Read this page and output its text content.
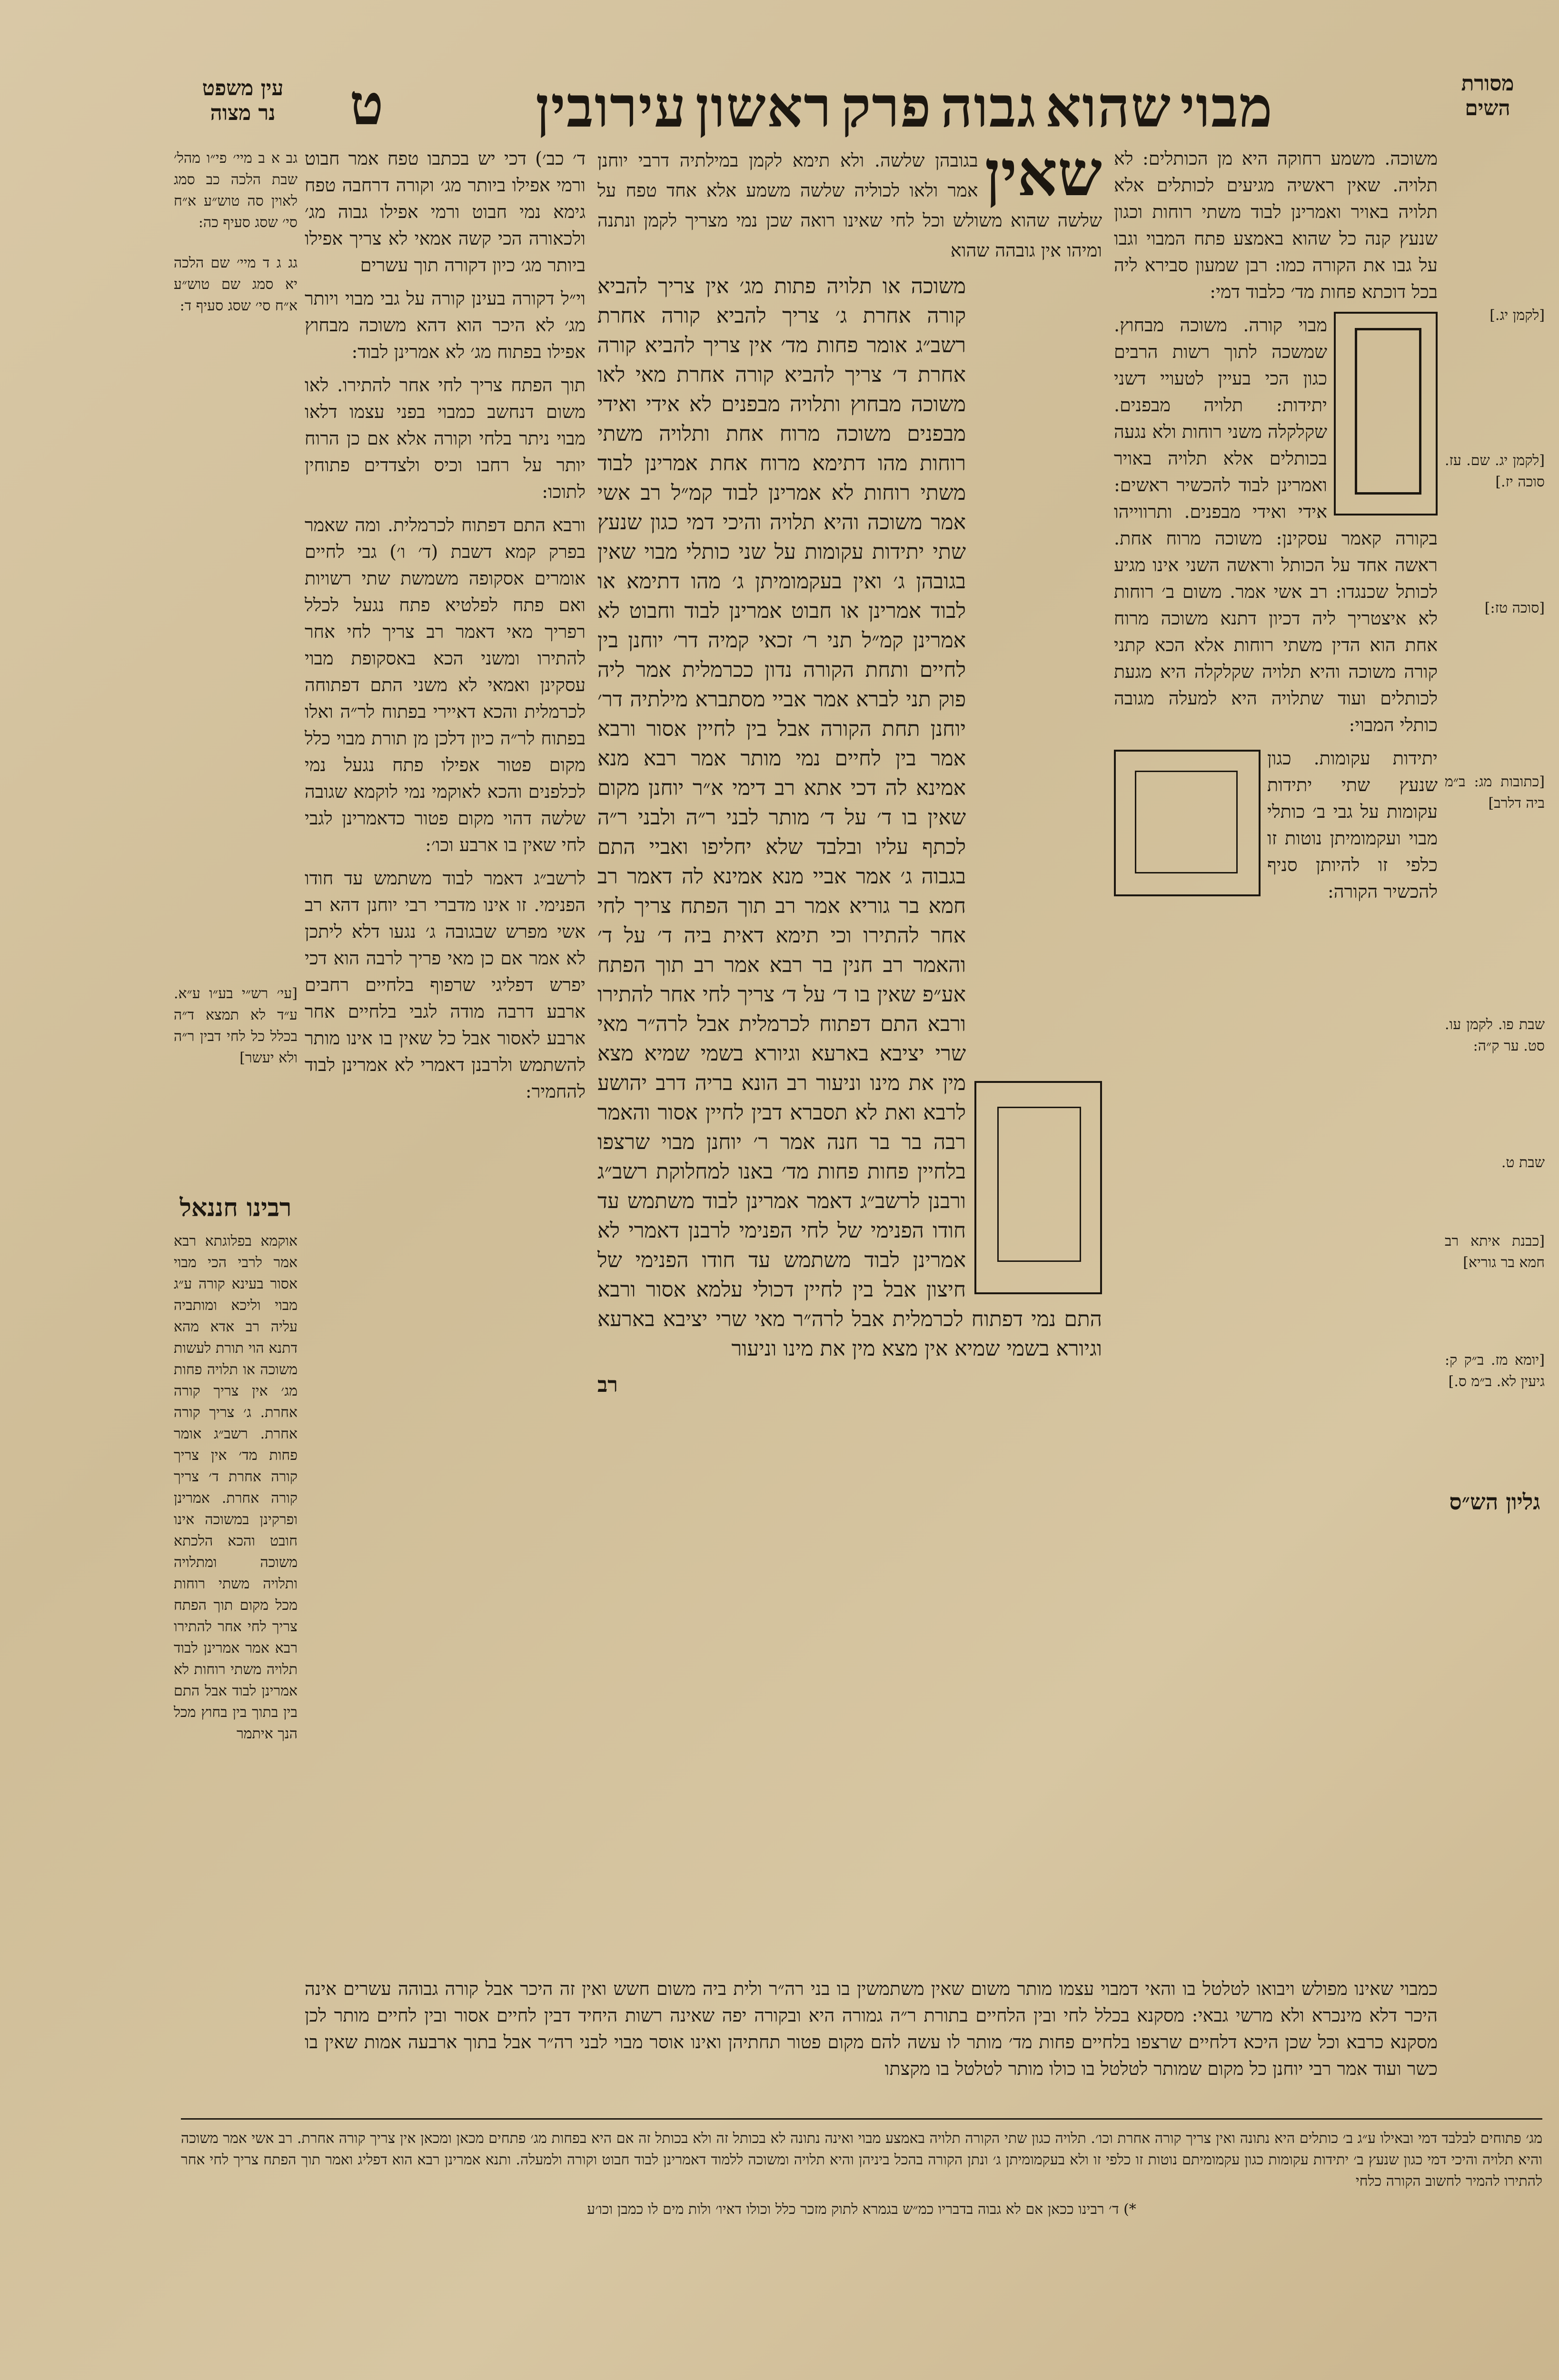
מסורת
השים
מבוי
שהוא
גבוה
פרק
ראשון
עירובין
ט
עין משפט
נר מצוה

[לקמן יג.]

[לקמן יג. שם. עז. סוכה יז.]

[סוכה טז:]

[כתובות מג: ב״מ ביה דלרב]

שבת פו. לקמן עו. סט. ער ק״ה:

שבת ט.

[כבנת איתא רב חמא בר גוריא]

[יומא מז. ב״ק ק: גיעין לא. ב״מ ס.]

גליון הש״ס

משוכה. משמע רחוקה היא מן הכותלים: לא תלויה. שאין ראשיה מגיעים לכותלים אלא תלויה באויר ואמרינן לבוד משתי רוחות וכגון שנעץ קנה כל שהוא באמצע פתח המבוי וגבו על גבו את הקורה כמו: רבן שמעון סבירא ליה בכל דוכתא פחות מד׳ כלבוד דמי:

מבוי קורה. משוכה מבחוץ. שמשכה לתוך רשות הרבים כגון הכי בעיין לטעויי דשני יתידות: תלויה מבפנים. שקלקלה משני רוחות ולא נגעה בכותלים אלא תלויה באויר ואמרינן לבוד להכשיר ראשים: אידי ואידי מבפנים. ותרווייהו בקורה קאמר עסקינן: משוכה מרוח אחת. ראשה אחד על הכותל וראשה השני אינו מגיע לכותל שכנגדו: רב אשי אמר. משום ב׳ רוחות לא איצטריך ליה דכיון דתנא משוכה מרוח אחת הוא הדין משתי רוחות אלא הכא קתני קורה משוכה והיא תלויה שקלקלה היא מגעת לכותלים ועוד שתלויה היא למעלה מגובה כותלי המבוי:

יתידות עקומות. כגון שנעץ שתי יתידות עקומות על גבי ב׳ כותלי מבוי ועקמומיתן נוטות זו כלפי זו להיותן סניף להכשיר הקורה:

שאין
בגובהן שלשה. ולא תימא לקמן במילתיה דרבי יוחנן אמר ולאו לכוליה שלשה משמע אלא אחד טפח על שלשה שהוא משולש וכל לחי שאינו רואה שכן נמי מצריך לקמן ונתנה ומיהו אין גובהה שהוא

משוכה או תלויה פתות מג׳ אין צריך להביא קורה אחרת ג׳ צריך להביא קורה אחרת רשב״ג אומר פחות מד׳ אין צריך להביא קורה אחרת ד׳ צריך להביא קורה אחרת מאי לאו משוכה מבחוץ ותלויה מבפנים לא אידי ואידי מבפנים משוכה מרוח אחת ותלויה משתי רוחות מהו דתימא מרוח אחת אמרינן לבוד משתי רוחות לא אמרינן לבוד קמ״ל רב אשי אמר משוכה והיא תלויה והיכי דמי כגון שנעץ שתי יתידות עקומות על שני כותלי מבוי שאין בגובהן ג׳ ואין בעקמומיתן ג׳ מהו דתימא או לבוד אמרינן או חבוט אמרינן לבוד וחבוט לא אמרינן קמ״ל תני ר׳ זכאי קמיה דר׳ יוחנן בין לחיים ותחת הקורה נדון ככרמלית אמר ליה פוק תני לברא אמר אביי מסתברא מילתיה דר׳ יוחנן תחת הקורה אבל בין לחיין אסור ורבא אמר בין לחיים נמי מותר אמר רבא מנא אמינא לה דכי אתא רב דימי א״ר יוחנן מקום שאין בו ד׳ על ד׳ מותר לבני ר״ה ולבני ר״ה לכתף עליו ובלבד שלא יחליפו ואביי התם בגבוה ג׳ אמר אביי מנא אמינא לה דאמר רב חמא בר גוריא אמר רב תוך הפתח צריך לחי אחר להתירו וכי תימא דאית ביה ד׳ על ד׳ והאמר רב חנין בר רבא אמר רב תוך הפתח אע״פ שאין בו ד׳ על ד׳ צריך לחי אחר להתירו ורבא התם דפתוח לכרמלית אבל לרה״ר מאי שרי יציבא בארעא וגיורא בשמי שמיא מצא מין את מינו וניעור רב הונא בריה דרב יהושע לרבא ואת לא תסברא דבין לחיין אסור והאמר רבה בר בר חנה אמר ר׳ יוחנן מבוי שרצפו בלחיין פחות פחות מד׳ באנו למחלוקת רשב״ג ורבנן לרשב״ג דאמר אמרינן לבוד משתמש עד חודו הפנימי של לחי הפנימי לרבנן דאמרי לא אמרינן לבוד משתמש עד חודו הפנימי של חיצון אבל בין לחיין דכולי עלמא אסור ורבא התם נמי דפתוח לכרמלית אבל לרה״ר מאי שרי יציבא בארעא וגיורא בשמי שמיא אין מצא מין את מינו וניעור

רב

ד׳ כב׳) דכי יש בכתבו טפח אמר חבוט ורמי אפילו ביותר מג׳ וקורה דרחבה טפח גימא נמי חבוט ורמי אפילו גבוה מג׳ ולכאורה הכי קשה אמאי לא צריך אפילו ביותר מג׳ כיון דקורה תוך עשרים

וי״ל דקורה בעינן קורה על גבי מבוי ויותר מג׳ לא היכר הוא דהא משוכה מבחוץ אפילו בפתוח מג׳ לא אמרינן לבוד:

תוך הפתח צריך לחי אחר להתירו. לאו משום דנחשב כמבוי בפני עצמו דלאו מבוי ניתר בלחי וקורה אלא אם כן הרוח יותר על רחבו וכיס ולצדדים פתוחין לתוכו:

ורבא התם דפתוח לכרמלית. ומה שאמר בפרק קמא דשבת (ד׳ ו׳) גבי לחיים אומרים אסקופה משמשת שתי רשויות ואם פתח לפלטיא פתח נגעל לכלל רפריך מאי דאמר רב צריך לחי אחר להתירו ומשני הכא באסקופת מבוי עסקינן ואמאי לא משני התם דפתוחה לכרמלית והכא דאיירי בפתוח לר״ה ואלו בפתוח לר״ה כיון דלכן מן תורת מבוי כלל מקום פטור אפילו פתח נגעל נמי לכלפנים והכא לאוקמי נמי לוקמא שגובה שלשה דהוי מקום פטור כדאמרינן לגבי לחי שאין בו ארבע וכו׳:

לרשב״ג דאמר לבוד משתמש עד חודו הפנימי. זו אינו מדברי רבי יוחנן דהא רב אשי מפרש שבגובה ג׳ נגעו דלא ליתכן לא אמר אם כן מאי פריך לרבה הוא דכי יפרש דפליגי שרפוף בלחיים רחבים ארבע דרבה מודה לגבי בלחיים אחר ארבע לאסור אבל כל שאין בו אינו מותר להשתמש ולרבנן דאמרי לא אמרינן לבוד להחמיר:

גב א ב מיי׳ פי״ו מהל׳ שבת הלכה כב סמג לאוין סה טוש״ע א״ח סי׳ שסג סעיף כה:

גג ג ד מיי׳ שם הלכה יא סמג שם טוש״ע א״ח סי׳ שסג סעיף ד:

[עי׳ רש״י בע״ו ע״א. ע״ד לא תמצא ד״ה בכלל כל לחי דבין ר״ה ולא יעשר]

רבינו חננאל

אוקמא בפלוגתא רבא אמר לרבי הכי מבוי אסור בעינא קורה ע״ג מבוי וליכא ומותביה עליה רב אדא מהא דתנא הוי תורת לעשות משוכה או תלויה פחות מג׳ אין צריך קורה אחרת. ג׳ צריך קורה אחרת. רשב״ג אומר פחות מד׳ אין צריך קורה אחרת ד׳ צריך קורה אחרת. אמרינן ופרקינן במשוכה אינו חובט והכא הלכתא משוכה ומתלויה ותלויה משתי רוחות מכל מקום תוך הפתח צריך לחי אחר להתירו רבא אמר אמרינן לבוד תלויה משתי רוחות לא אמרינן לבוד אבל התם בין בתוך בין בחוץ מכל הנך איתמר

כמבוי שאינו מפולש ויבואו לטלטל בו והאי דמבוי עצמו מותר משום שאין משתמשין בו בני רה״ר ולית ביה משום חשש ואין זה היכר אבל קורה גבוהה עשרים אינה היכר דלא מינכרא ולא מרשי גבאי: מסקנא בכלל לחי ובין הלחיים בתורת ר״ה גמורה היא ובקורה יפה שאינה רשות היחיד דבין לחיים אסור ובין לחיים מותר לכן מסקנא כרבא וכל שכן היכא דלחיים שרצפו בלחיים פחות מד׳ מותר לו עשה להם מקום פטור תחתיהן ואינו אוסר מבוי לבני רה״ר אבל בתוך ארבעה אמות שאין בו כשר ועוד אמר רבי יוחנן כל מקום שמותר לטלטל בו כולו מותר לטלטל בו מקצתו

מג׳ פתוחים לבלבד דמי ובאילו ע״ג ב׳ כותלים היא נתונה ואין צריך קורה אחרת וכו׳. תלויה כגון שתי הקורה תלויה באמצע מבוי ואינה נתונה לא בכותל זה ולא בכותל זה אם היא בפחות מג׳ פתחים מכאן ומכאן אין צריך קורה אחרת. רב אשי אמר משוכה והיא תלויה והיכי דמי כגון שנעץ ב׳ יתידות עקומות כגון עקמומיתם נוטות זו כלפי זו ולא בעקמומיתן ג׳ ונתן הקורה בהכל ביניהן והיא תלויה ומשוכה ללמוד דאמרינן לבוד חבוט וקורה ולמעלה. ותנא אמרינן רבא הוא דפליג ואמר תוך הפתח צריך לחי אחר להתירו להמיר לחשוב הקורה כלחי

*) ד׳ רבינו ככאן אם לא גבוה בדבריו כמ״ש בגמרא לתוק מזכר כלל וכולו דאיו׳ ולות מים לו כמבן וכו׳ע
